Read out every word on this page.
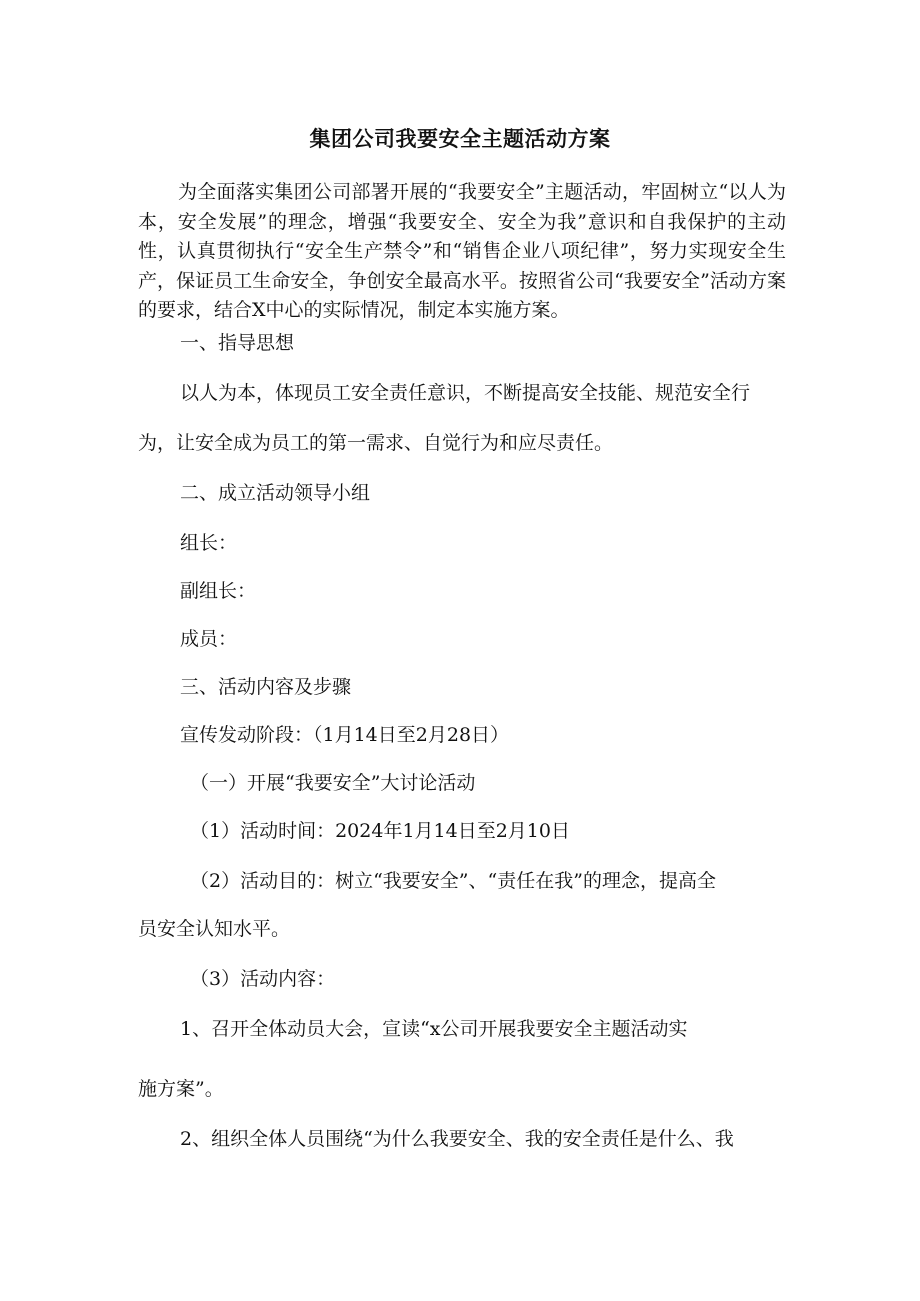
集团公司我要安全主题活动方案

为全面落实集团公司部署开展的“我要安全”主题活动，牢固树立“以人为本，安全发展”的理念，增强“我要安全、安全为我”意识和自我保护的主动性，认真贯彻执行“安全生产禁令”和“销售企业八项纪律”，努力实现安全生产，保证员工生命安全，争创安全最高水平。按照省公司“我要安全”活动方案的要求，结合X中心的实际情况，制定本实施方案。

一、指导思想

以人为本，体现员工安全责任意识，不断提高安全技能、规范安全行

为，让安全成为员工的第一需求、自觉行为和应尽责任。

二、成立活动领导小组

组长：

副组长：

成员：

三、活动内容及步骤

宣传发动阶段：（1月14日至2月28日）

（一）开展“我要安全”大讨论活动

（1）活动时间：2024年1月14日至2月10日

（2）活动目的：树立“我要安全”、“责任在我”的理念，提高全

员安全认知水平。

（3）活动内容：

1、召开全体动员大会，宣读“x公司开展我要安全主题活动实

施方案”。

2、组织全体人员围绕“为什么我要安全、我的安全责任是什么、我
